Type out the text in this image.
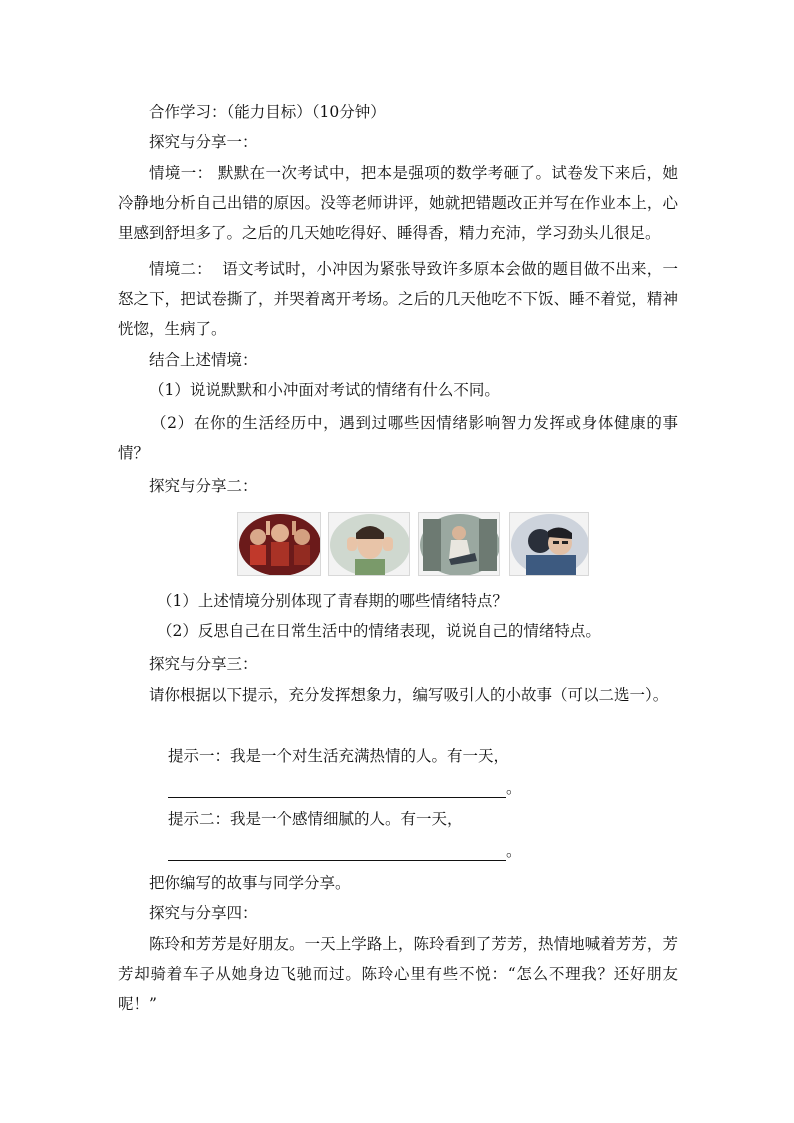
合作学习：（能力目标）（10分钟）
探究与分享一：
情境一： 默默在一次考试中，把本是强项的数学考砸了。试卷发下来后，她冷静地分析自己出错的原因。没等老师讲评，她就把错题改正并写在作业本上，心里感到舒坦多了。之后的几天她吃得好、睡得香，精力充沛，学习劲头儿很足。
情境二： 语文考试时，小冲因为紧张导致许多原本会做的题目做不出来，一怒之下，把试卷撕了，并哭着离开考场。之后的几天他吃不下饭、睡不着觉，精神恍惚，生病了。
结合上述情境：
（1）说说默默和小冲面对考试的情绪有什么不同。
（2）在你的生活经历中，遇到过哪些因情绪影响智力发挥或身体健康的事情？
探究与分享二：
（1）上述情境分别体现了青春期的哪些情绪特点？
（2）反思自己在日常生活中的情绪表现，说说自己的情绪特点。
探究与分享三：
请你根据以下提示，充分发挥想象力，编写吸引人的小故事（可以二选一）。
提示一：我是一个对生活充满热情的人。有一天，
。
提示二：我是一个感情细腻的人。有一天，
。
把你编写的故事与同学分享。
探究与分享四：
陈玲和芳芳是好朋友。一天上学路上，陈玲看到了芳芳，热情地喊着芳芳，芳芳却骑着车子从她身边飞驰而过。陈玲心里有些不悦：“怎么不理我？还好朋友呢！”
